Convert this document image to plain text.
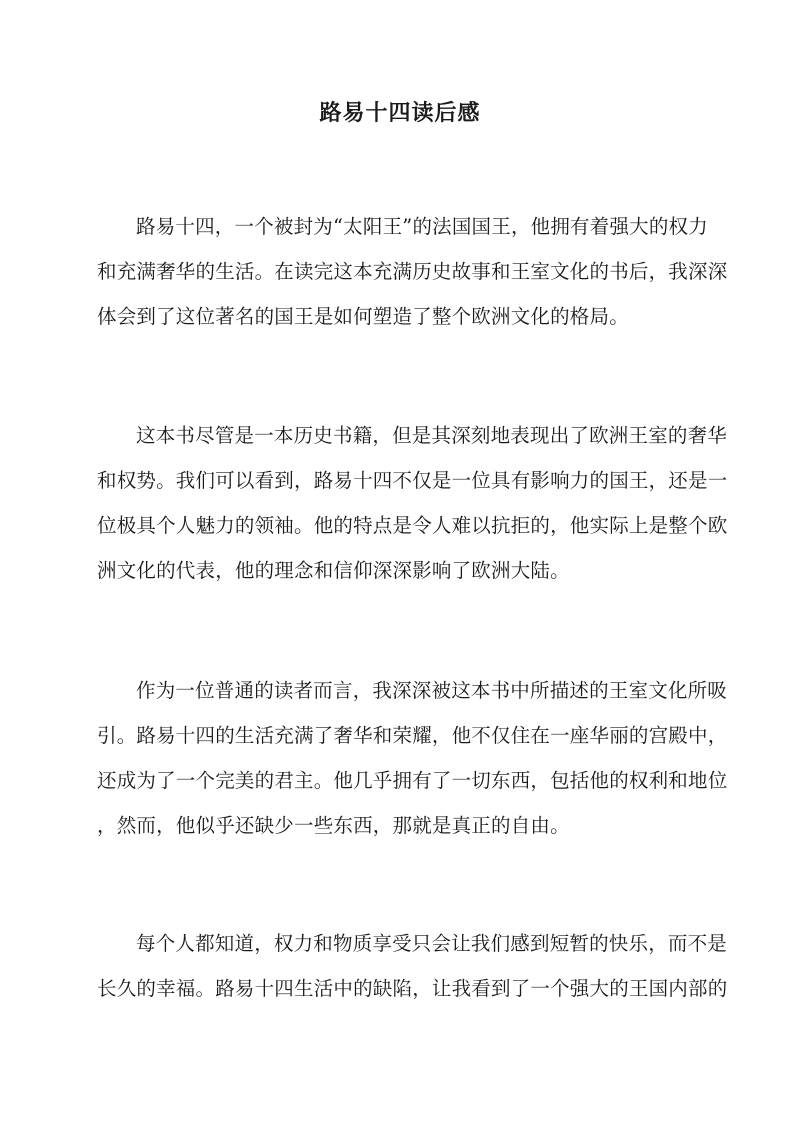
路易十四读后感
路易十四，一个被封为“太阳王”的法国国王，他拥有着强大的权力
和充满奢华的生活。在读完这本充满历史故事和王室文化的书后，我深深
体会到了这位著名的国王是如何塑造了整个欧洲文化的格局。
这本书尽管是一本历史书籍，但是其深刻地表现出了欧洲王室的奢华
和权势。我们可以看到，路易十四不仅是一位具有影响力的国王，还是一
位极具个人魅力的领袖。他的特点是令人难以抗拒的，他实际上是整个欧
洲文化的代表，他的理念和信仰深深影响了欧洲大陆。
作为一位普通的读者而言，我深深被这本书中所描述的王室文化所吸
引。路易十四的生活充满了奢华和荣耀，他不仅住在一座华丽的宫殿中，
还成为了一个完美的君主。他几乎拥有了一切东西，包括他的权利和地位
，然而，他似乎还缺少一些东西，那就是真正的自由。
每个人都知道，权力和物质享受只会让我们感到短暂的快乐，而不是
长久的幸福。路易十四生活中的缺陷，让我看到了一个强大的王国内部的
